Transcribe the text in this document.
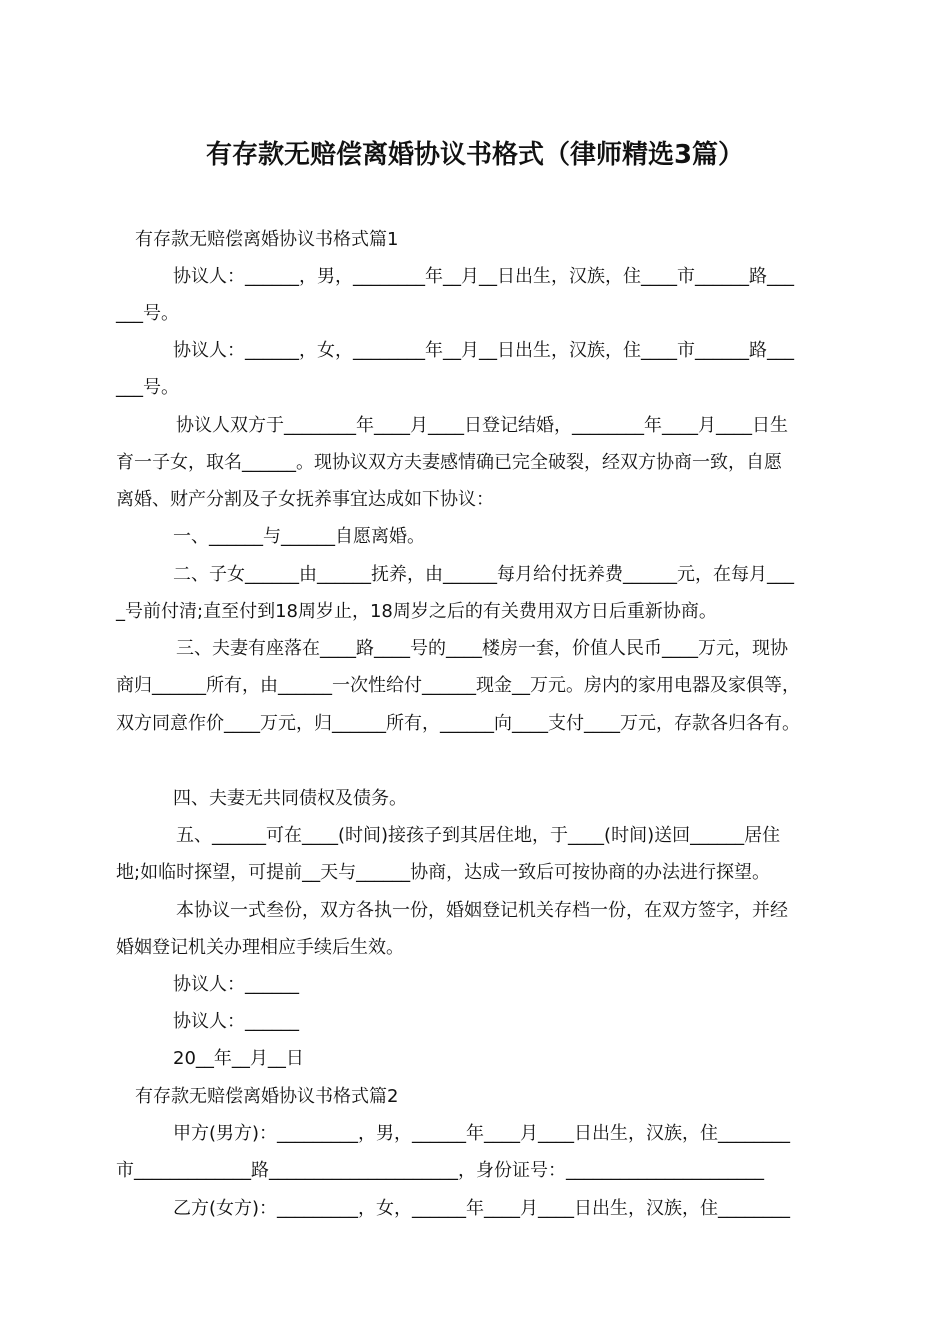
有存款无赔偿离婚协议书格式（律师精选3篇）

有存款无赔偿离婚协议书格式篇1

协议人：______，男，________年__月__日出生，汉族，住____市______路___

___号。

协议人：______，女，________年__月__日出生，汉族，住____市______路___

___号。

协议人双方于________年____月____日登记结婚，________年____月____日生

育一子女，取名______。现协议双方夫妻感情确已完全破裂，经双方协商一致，自愿

离婚、财产分割及子女抚养事宜达成如下协议：

一、______与______自愿离婚。

二、子女______由______抚养，由______每月给付抚养费______元，在每月___

_号前付清;直至付到18周岁止，18周岁之后的有关费用双方日后重新协商。

三、夫妻有座落在____路____号的____楼房一套，价值人民币____万元，现协

商归______所有，由______一次性给付______现金__万元。房内的家用电器及家俱等，

双方同意作价____万元，归______所有，______向____支付____万元，存款各归各有。

四、夫妻无共同债权及债务。

五、______可在____(时间)接孩子到其居住地，于____(时间)送回______居住

地;如临时探望，可提前__天与______协商，达成一致后可按协商的办法进行探望。

本协议一式叁份，双方各执一份，婚姻登记机关存档一份，在双方签字，并经

婚姻登记机关办理相应手续后生效。

协议人：______

协议人：______

20__年__月__日

有存款无赔偿离婚协议书格式篇2

甲方(男方)：_________，男，______年____月____日出生，汉族，住________

市_____________路_____________________，身份证号：______________________

乙方(女方)：_________，女，______年____月____日出生，汉族，住________
